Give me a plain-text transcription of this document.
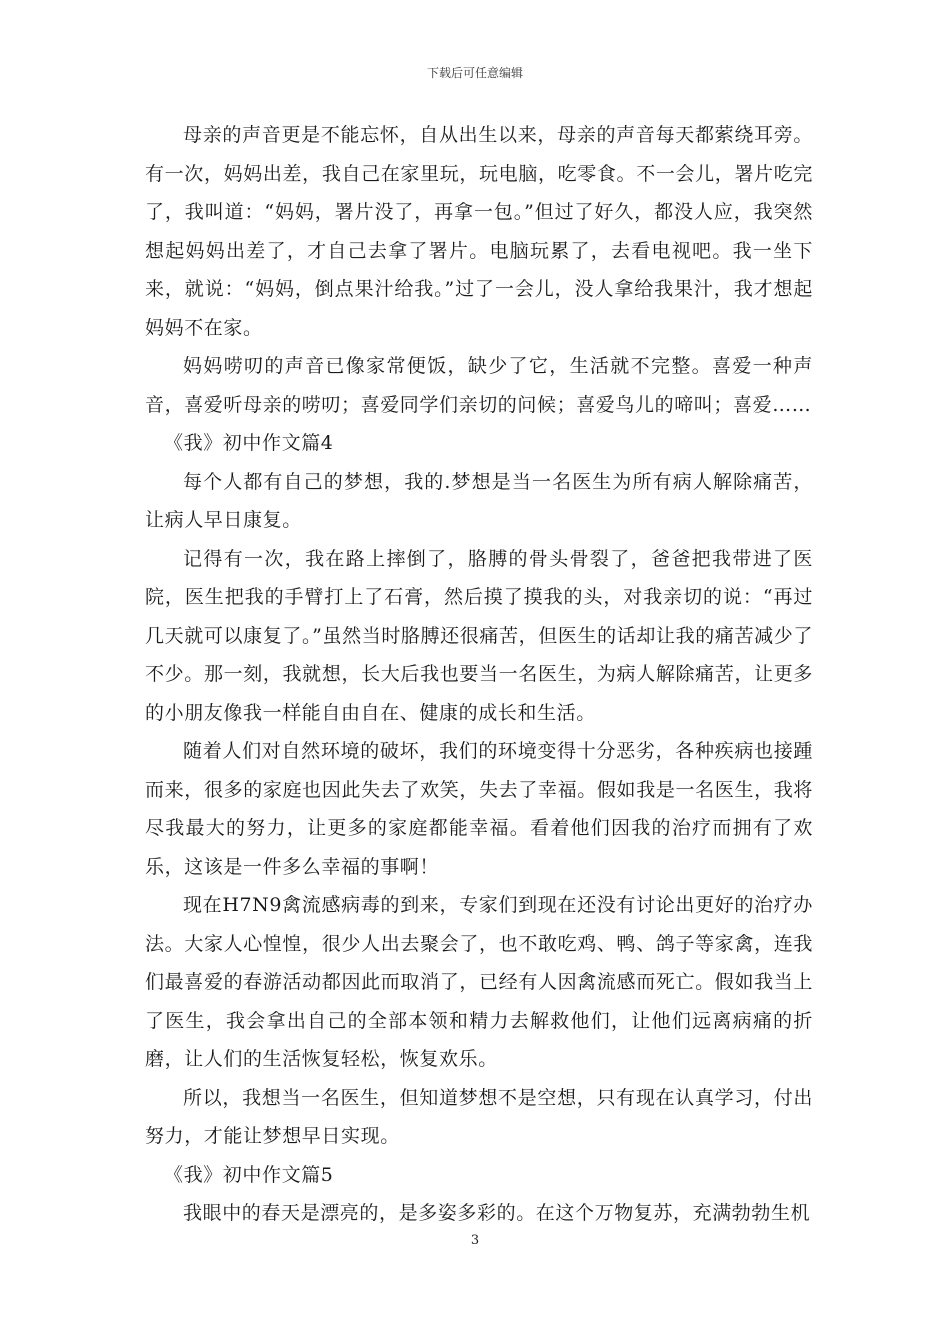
下载后可任意编辑

母亲的声音更是不能忘怀，自从出生以来，母亲的声音每天都萦绕耳旁。有一次，妈妈出差，我自己在家里玩，玩电脑，吃零食。不一会儿，署片吃完了，我叫道：“妈妈，署片没了，再拿一包。”但过了好久，都没人应，我突然想起妈妈出差了，才自己去拿了署片。电脑玩累了，去看电视吧。我一坐下来，就说：“妈妈，倒点果汁给我。”过了一会儿，没人拿给我果汁，我才想起妈妈不在家。

妈妈唠叨的声音已像家常便饭，缺少了它，生活就不完整。喜爱一种声音，喜爱听母亲的唠叨；喜爱同学们亲切的问候；喜爱鸟儿的啼叫；喜爱……

《我》初中作文篇4

每个人都有自己的梦想，我的.梦想是当一名医生为所有病人解除痛苦，让病人早日康复。

记得有一次，我在路上摔倒了，胳膊的骨头骨裂了，爸爸把我带进了医院，医生把我的手臂打上了石膏，然后摸了摸我的头，对我亲切的说：“再过几天就可以康复了。”虽然当时胳膊还很痛苦，但医生的话却让我的痛苦减少了不少。那一刻，我就想，长大后我也要当一名医生，为病人解除痛苦，让更多的小朋友像我一样能自由自在、健康的成长和生活。

随着人们对自然环境的破坏，我们的环境变得十分恶劣，各种疾病也接踵而来，很多的家庭也因此失去了欢笑，失去了幸福。假如我是一名医生，我将尽我最大的努力，让更多的家庭都能幸福。看着他们因我的治疗而拥有了欢乐，这该是一件多么幸福的事啊！

现在H7N9禽流感病毒的到来，专家们到现在还没有讨论出更好的治疗办法。大家人心惶惶，很少人出去聚会了，也不敢吃鸡、鸭、鸽子等家禽，连我们最喜爱的春游活动都因此而取消了，已经有人因禽流感而死亡。假如我当上了医生，我会拿出自己的全部本领和精力去解救他们，让他们远离病痛的折磨，让人们的生活恢复轻松，恢复欢乐。

所以，我想当一名医生，但知道梦想不是空想，只有现在认真学习，付出努力，才能让梦想早日实现。

《我》初中作文篇5

我眼中的春天是漂亮的，是多姿多彩的。在这个万物复苏，充满勃勃生机

3
